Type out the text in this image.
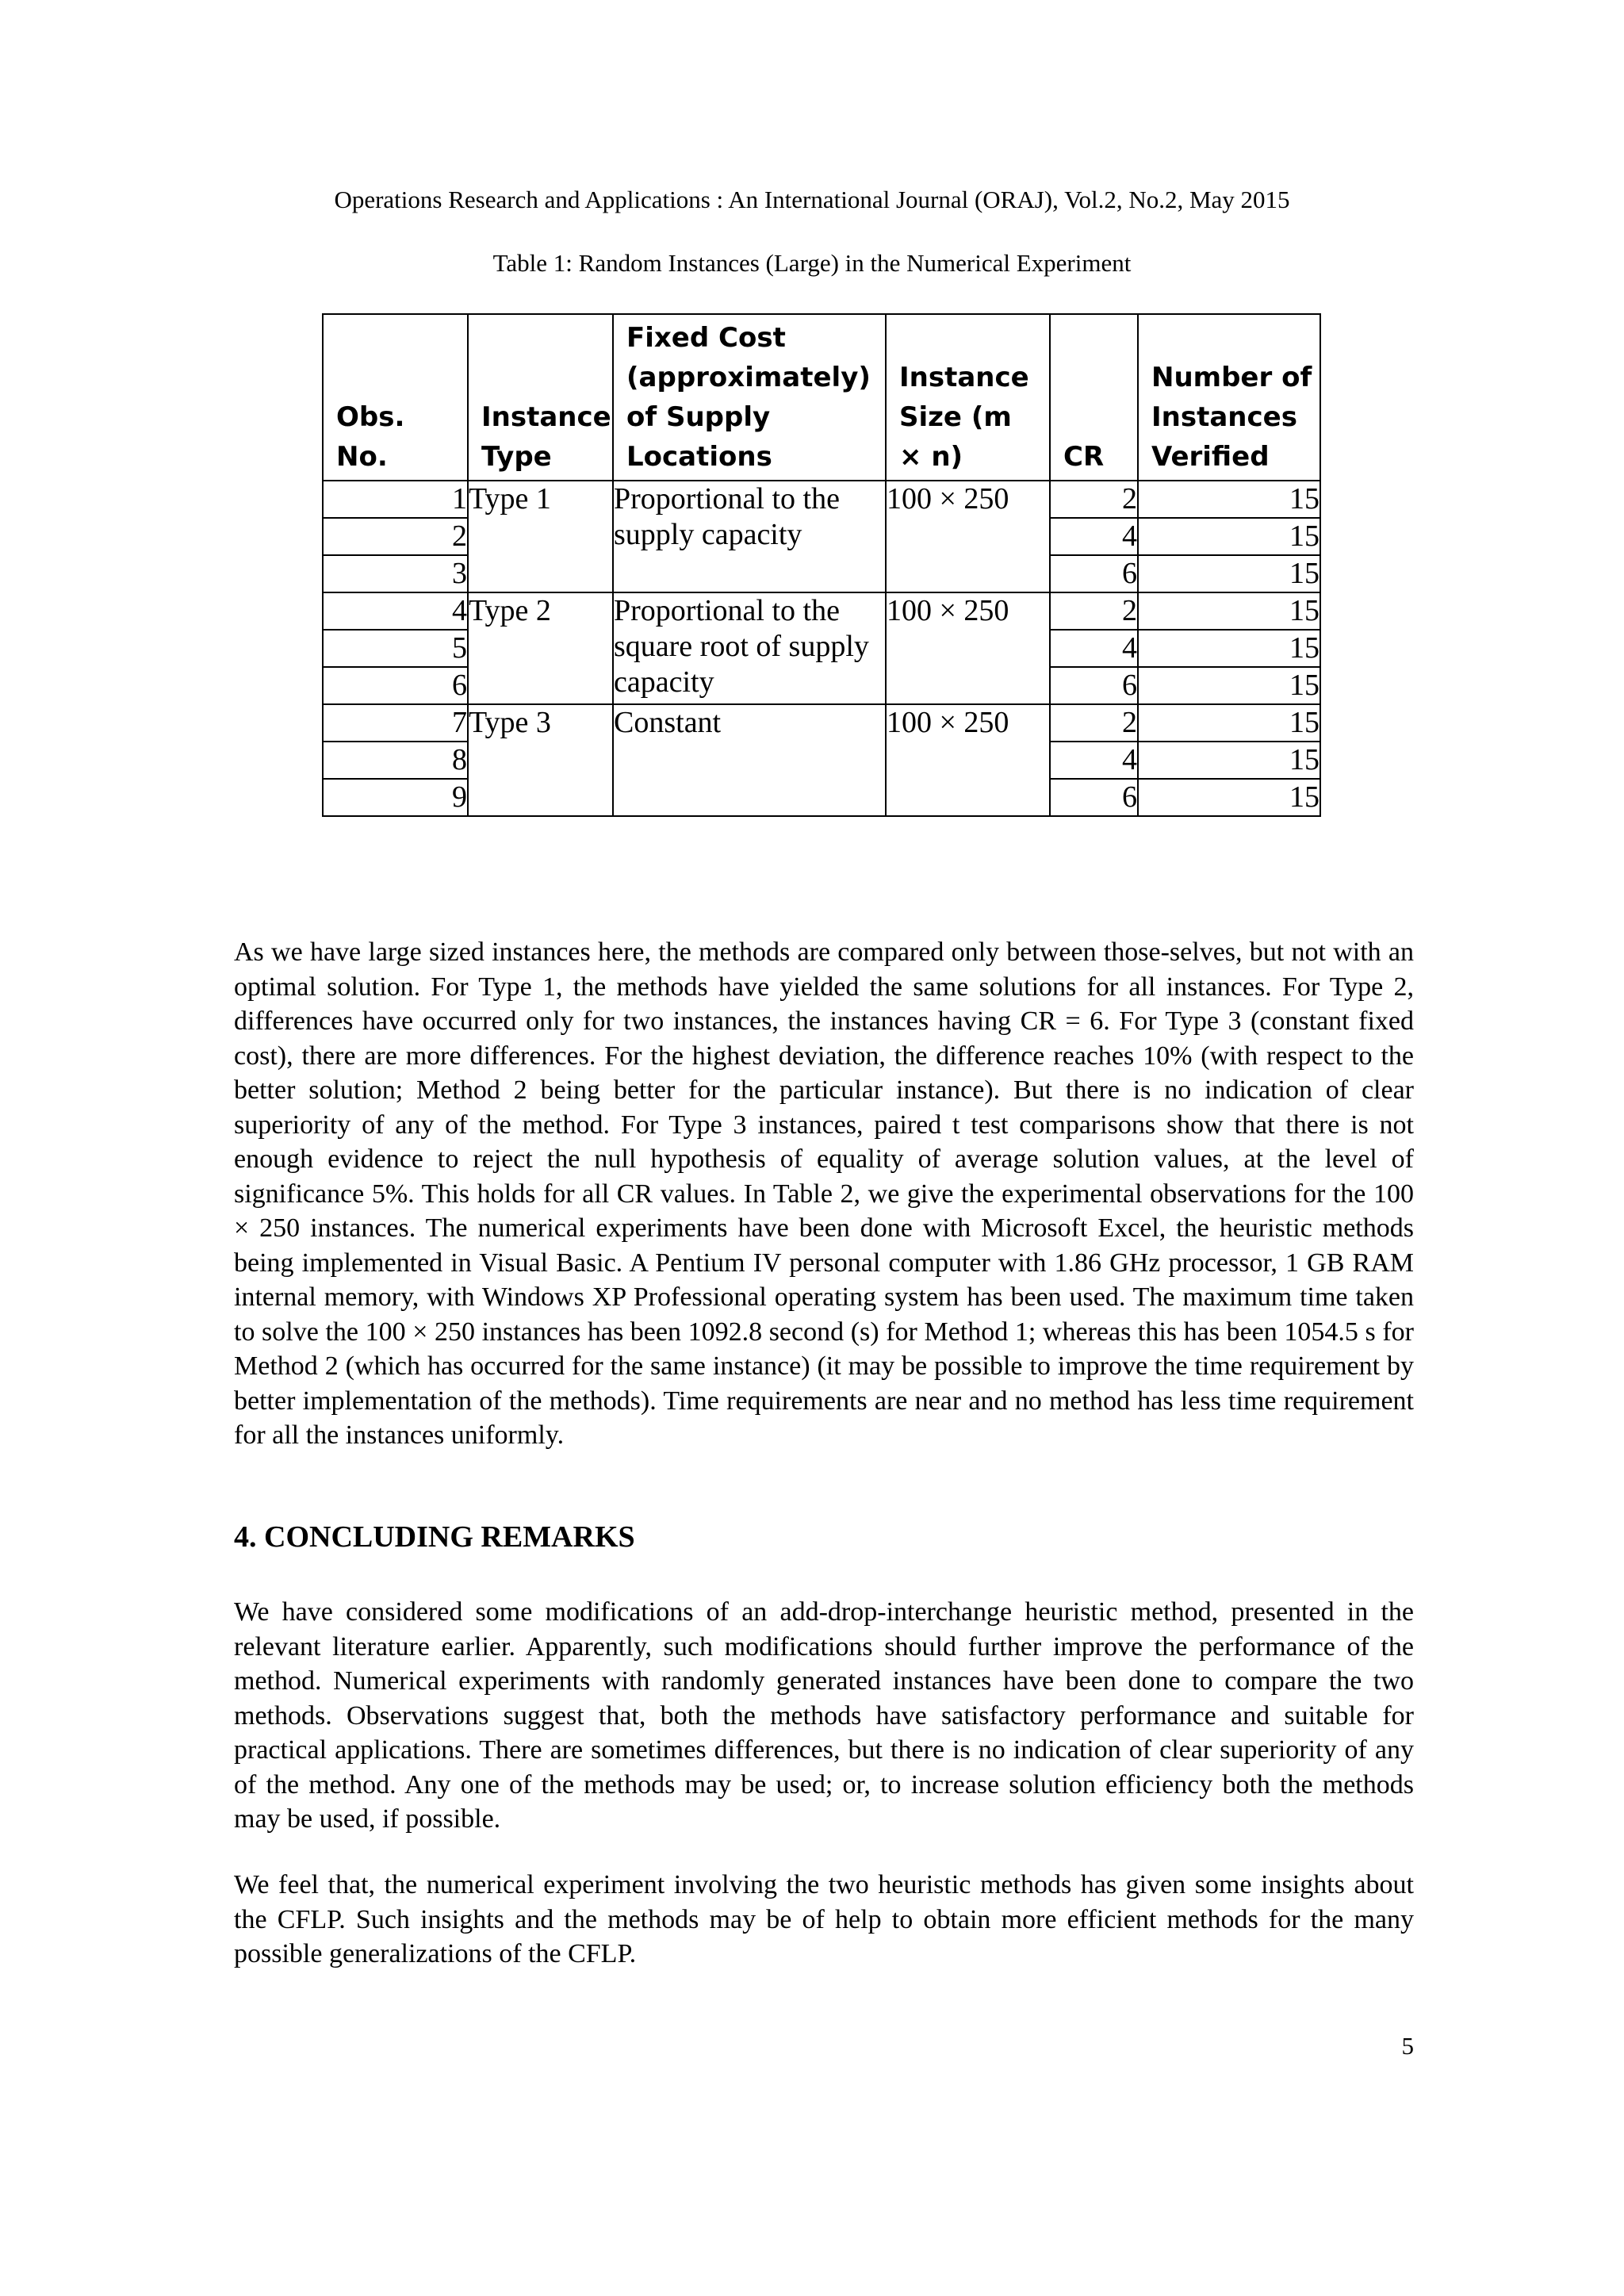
Operations Research and Applications : An International Journal (ORAJ), Vol.2, No.2, May 2015
Table 1: Random Instances (Large) in the Numerical Experiment
Obs. No.	Instance Type	Fixed Cost (approximately) of Supply Locations	Instance Size (m × n)	CR	Number of Instances Verified
1	Type 1	Proportional to the supply capacity	100 × 250	2	15
2				4	15
3				6	15
4	Type 2	Proportional to the square root of supply capacity	100 × 250	2	15
5				4	15
6				6	15
7	Type 3	Constant	100 × 250	2	15
8				4	15
9				6	15

As we have large sized instances here, the methods are compared only between those-selves, but not with an optimal solution. For Type 1, the methods have yielded the same solutions for all instances. For Type 2, differences have occurred only for two instances, the instances having CR = 6. For Type 3 (constant fixed cost), there are more differences. For the highest deviation, the difference reaches 10% (with respect to the better solution; Method 2 being better for the particular instance). But there is no indication of clear superiority of any of the method. For Type 3 instances, paired t test comparisons show that there is not enough evidence to reject the null hypothesis of equality of average solution values, at the level of significance 5%. This holds for all CR values. In Table 2, we give the experimental observations for the 100 × 250 instances. The numerical experiments have been done with Microsoft Excel, the heuristic methods being implemented in Visual Basic. A Pentium IV personal computer with 1.86 GHz processor, 1 GB RAM internal memory, with Windows XP Professional operating system has been used. The maximum time taken to solve the 100 × 250 instances has been 1092.8 second (s) for Method 1; whereas this has been 1054.5 s for Method 2 (which has occurred for the same instance) (it may be possible to improve the time requirement by better implementation of the methods). Time requirements are near and no method has less time requirement for all the instances uniformly.

4. CONCLUDING REMARKS

We have considered some modifications of an add-drop-interchange heuristic method, presented in the relevant literature earlier. Apparently, such modifications should further improve the performance of the method. Numerical experiments with randomly generated instances have been done to compare the two methods. Observations suggest that, both the methods have satisfactory performance and suitable for practical applications. There are sometimes differences, but there is no indication of clear superiority of any of the method. Any one of the methods may be used; or, to increase solution efficiency both the methods may be used, if possible.

We feel that, the numerical experiment involving the two heuristic methods has given some insights about the CFLP. Such insights and the methods may be of help to obtain more efficient methods for the many possible generalizations of the CFLP.

5
